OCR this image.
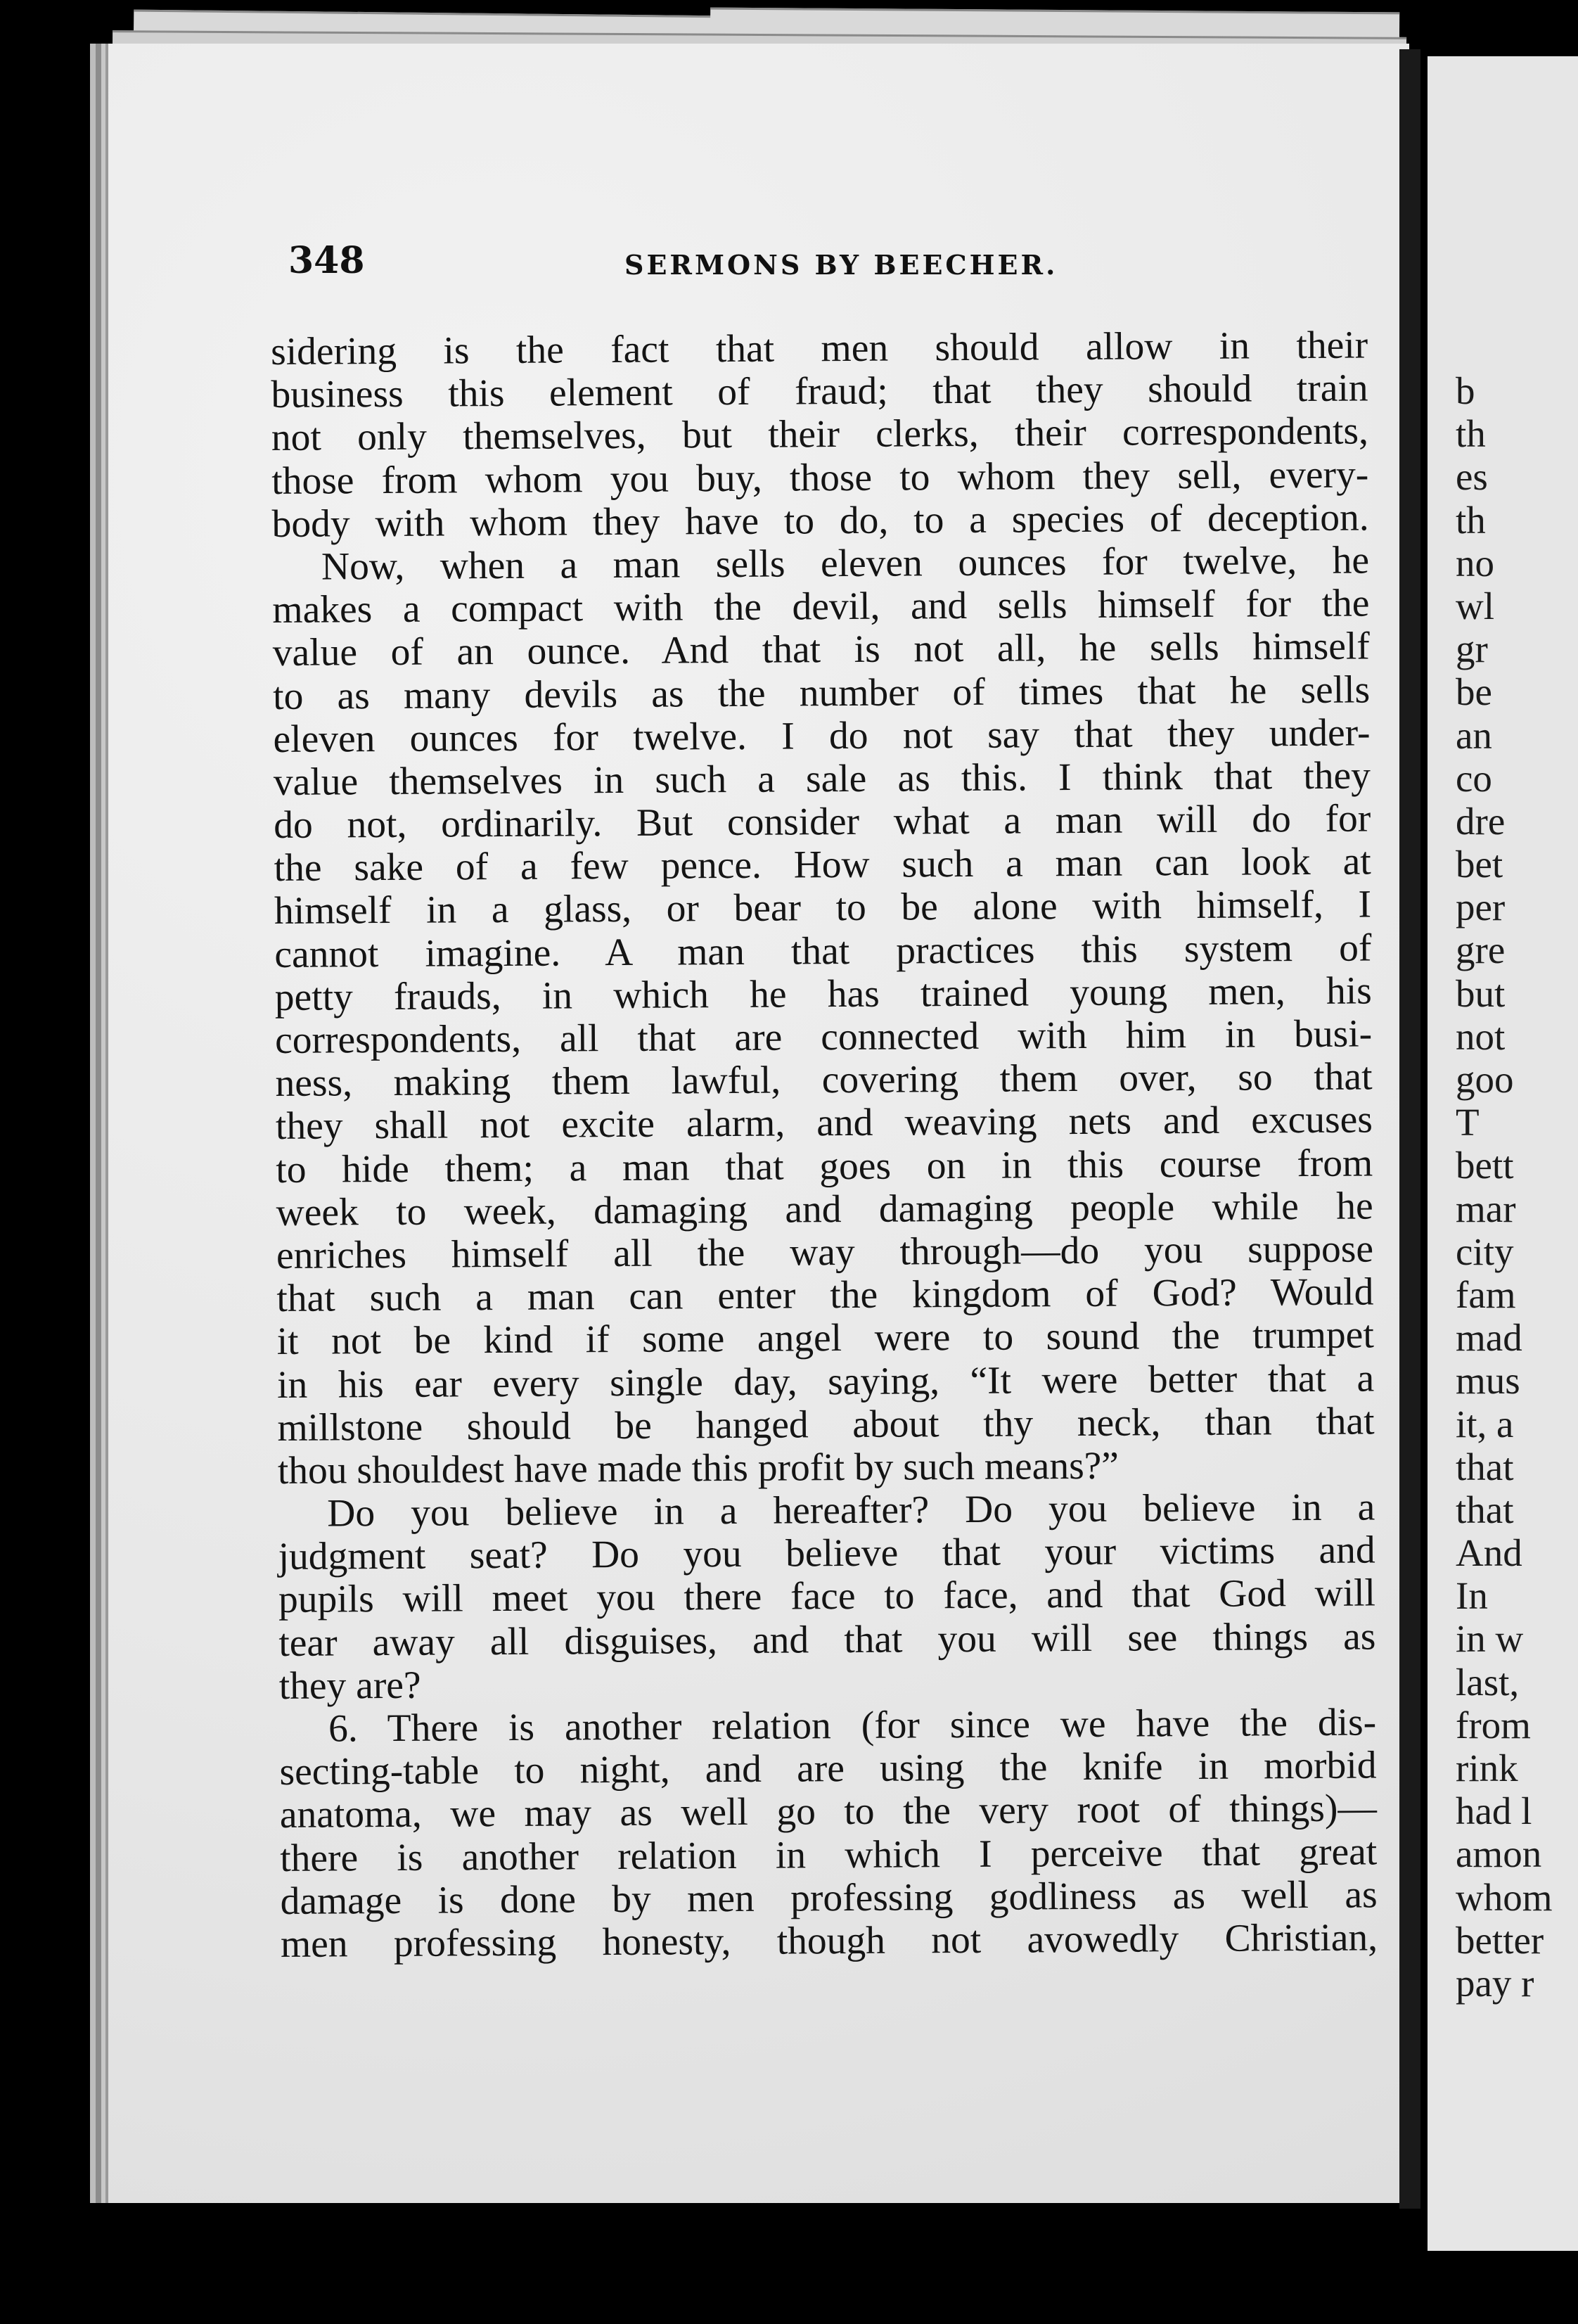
348	SERMONS BY BEECHER.
sidering is the fact that men should allow in their
business this element of fraud; that they should train
not only themselves, but their clerks, their correspondents,
those from whom you buy, those to whom they sell, every-
body with whom they have to do, to a species of deception.
Now, when a man sells eleven ounces for twelve, he
makes a compact with the devil, and sells himself for the
value of an ounce. And that is not all, he sells himself
to as many devils as the number of times that he sells
eleven ounces for twelve. I do not say that they under-
value themselves in such a sale as this. I think that they
do not, ordinarily. But consider what a man will do for
the sake of a few pence. How such a man can look at
himself in a glass, or bear to be alone with himself, I
cannot imagine. A man that practices this system of
petty frauds, in which he has trained young men, his
correspondents, all that are connected with him in busi-
ness, making them lawful, covering them over, so that
they shall not excite alarm, and weaving nets and excuses
to hide them; a man that goes on in this course from
week to week, damaging and damaging people while he
enriches himself all the way through—do you suppose
that such a man can enter the kingdom of God? Would
it not be kind if some angel were to sound the trumpet
in his ear every single day, saying, “It were better that a
millstone should be hanged about thy neck, than that
thou shouldest have made this profit by such means?”
Do you believe in a hereafter? Do you believe in a
judgment seat? Do you believe that your victims and
pupils will meet you there face to face, and that God will
tear away all disguises, and that you will see things as
they are?
6. There is another relation (for since we have the dis-
secting-table to night, and are using the knife in morbid
anatoma, we may as well go to the very root of things)—
there is another relation in which I perceive that great
damage is done by men professing godliness as well as
men professing honesty, though not avowedly Christian,
b
th
es
th
no
wl
gr
be
an
co
dre
bet
per
gre
but
not
goo
T
bett
mar
city
fam
mad
mus
it, a
that
that
And
In
in w
last,
from
rink
had l
amon
whom
better
pay r
